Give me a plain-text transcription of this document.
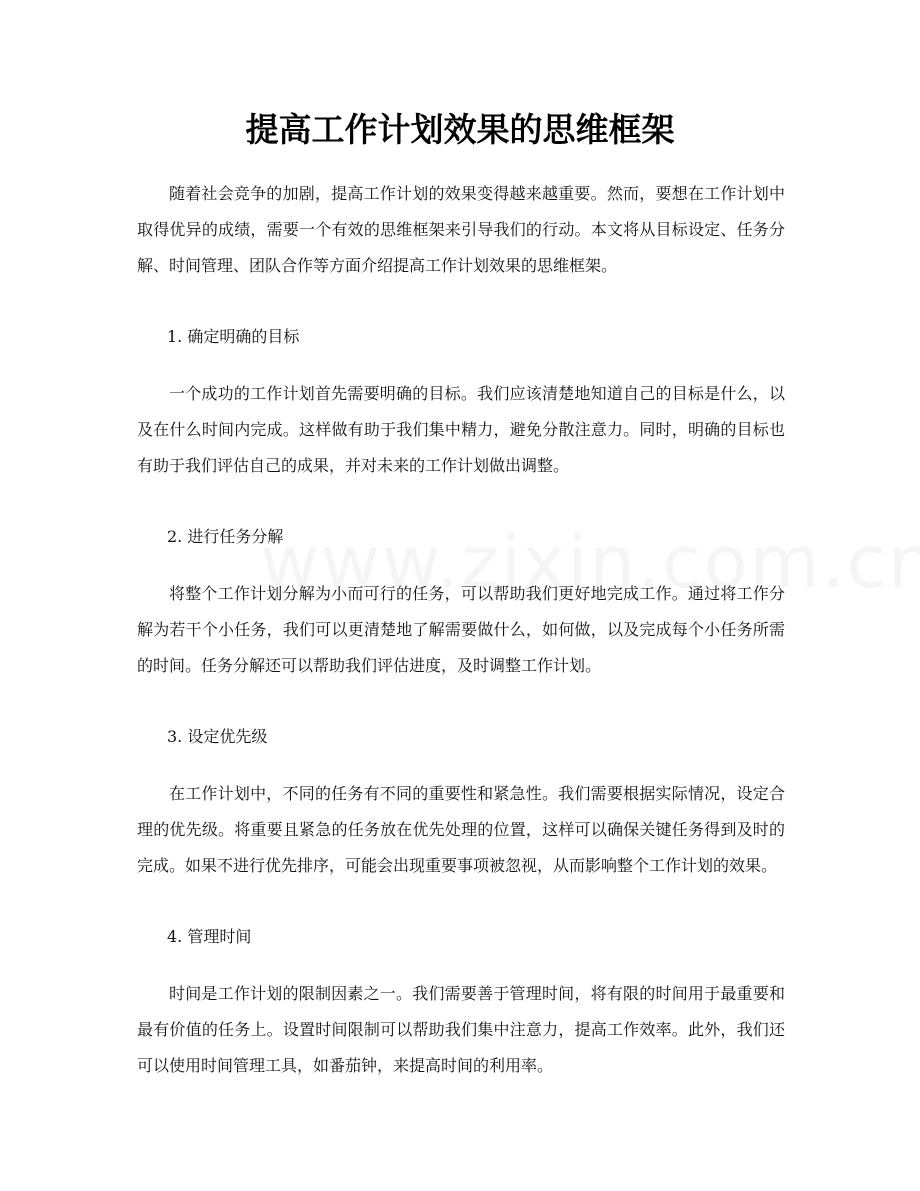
提高工作计划效果的思维框架

随着社会竞争的加剧，提高工作计划的效果变得越来越重要。然而，要想在工作计划中取得优异的成绩，需要一个有效的思维框架来引导我们的行动。本文将从目标设定、任务分解、时间管理、团队合作等方面介绍提高工作计划效果的思维框架。

1. 确定明确的目标

一个成功的工作计划首先需要明确的目标。我们应该清楚地知道自己的目标是什么，以及在什么时间内完成。这样做有助于我们集中精力，避免分散注意力。同时，明确的目标也有助于我们评估自己的成果，并对未来的工作计划做出调整。

2. 进行任务分解

将整个工作计划分解为小而可行的任务，可以帮助我们更好地完成工作。通过将工作分解为若干个小任务，我们可以更清楚地了解需要做什么，如何做，以及完成每个小任务所需的时间。任务分解还可以帮助我们评估进度，及时调整工作计划。

3. 设定优先级

在工作计划中，不同的任务有不同的重要性和紧急性。我们需要根据实际情况，设定合理的优先级。将重要且紧急的任务放在优先处理的位置，这样可以确保关键任务得到及时的完成。如果不进行优先排序，可能会出现重要事项被忽视，从而影响整个工作计划的效果。

4. 管理时间

时间是工作计划的限制因素之一。我们需要善于管理时间，将有限的时间用于最重要和最有价值的任务上。设置时间限制可以帮助我们集中注意力，提高工作效率。此外，我们还可以使用时间管理工具，如番茄钟，来提高时间的利用率。
